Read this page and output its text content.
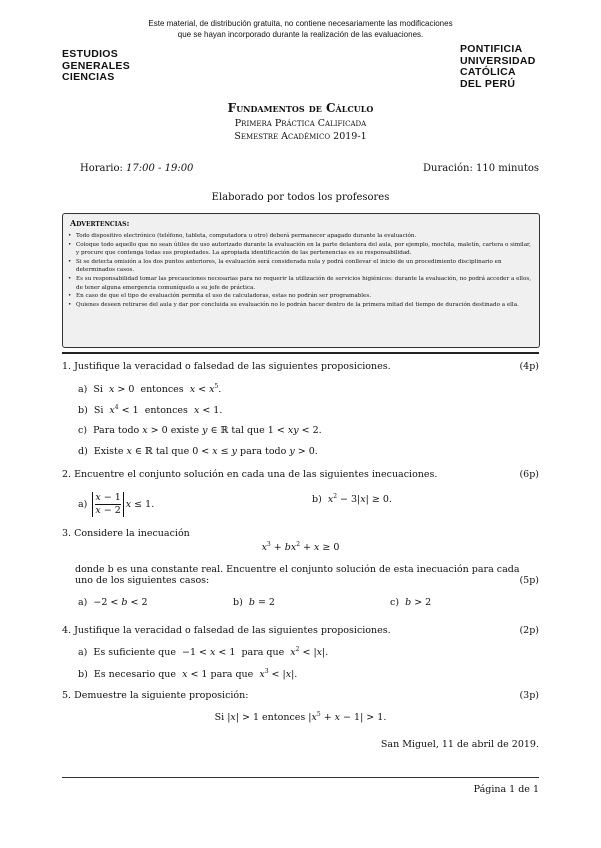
Este material, de distribución gratuita, no contiene necesariamente las modificaciones
que se hayan incorporado durante la realización de las evaluaciones.
ESTUDIOS
GENERALES
CIENCIAS
PONTIFICIA
UNIVERSIDAD
CATÓLICA
DEL PERÚ
Fundamentos de Cálculo
Primera Práctica Calificada
Semestre Académico 2019-1
Horario: 17:00 - 19:00	Duración: 110 minutos
Elaborado por todos los profesores
Advertencias:
• Todo dispositivo electrónico (teléfono, tableta, computadora u otro) deberá permanecer apagado durante la evaluación.
• Coloque todo aquello que no sean útiles de uso autorizado durante la evaluación en la parte delantera del aula, por ejemplo, mochila, maletín, cartera o similar, y procure que contenga todas sus propiedades. La apropiada identificación de las pertenencias es su responsabilidad.
• Si se detecta omisión a los dos puntos anteriores, la evaluación será considerada nula y podrá conllevar el inicio de un procedimiento disciplinario en determinados casos.
• Es su responsabilidad tomar las precauciones necesarias para no requerir la utilización de servicios higiénicos: durante la evaluación, no podrá acceder a ellos, de tener alguna emergencia comuníquelo a su jefe de práctica.
• En caso de que el tipo de evaluación permita el uso de calculadoras, estas no podrán ser programables.
• Quienes deseen retirarse del aula y dar por concluida su evaluación no lo podrán hacer dentro de la primera mitad del tiempo de duración destinado a ella.
1. Justifique la veracidad o falsedad de las siguientes proposiciones.	(4p)
a)  Si  x > 0  entonces  $x < x^5$.
b)  Si  $x^4 < 1$  entonces  x < 1.
c)  Para todo x > 0 existe y ∈ ℝ tal que 1 < xy < 2.
d)  Existe x ∈ ℝ tal que 0 < x ≤ y para todo y > 0.
2. Encuentre el conjunto solución en cada una de las siguientes inecuaciones.	(6p)
a)
x − 1
x − 2
x ≤ 1.	b)  $x^2 - 3|x| \ge 0$.
3. Considere la inecuación
$x^3 + bx^2 + x \ge 0$
donde b es una constante real. Encuentre el conjunto solución de esta inecuación para cada uno de los siguientes casos:	(5p)
a)  −2 < b < 2	b)  b = 2	c)  b > 2
4. Justifique la veracidad o falsedad de las siguientes proposiciones.	(2p)
a)  Es suficiente que  −1 < x < 1  para que  $x^2 < |x|$.
b)  Es necesario que  x < 1 para que  $x^3 < |x|$.
5. Demuestre la siguiente proposición:	(3p)
Si |x| > 1 entonces $|x^5 + x - 1| > 1$.
San Miguel, 11 de abril de 2019.
Página 1 de 1
